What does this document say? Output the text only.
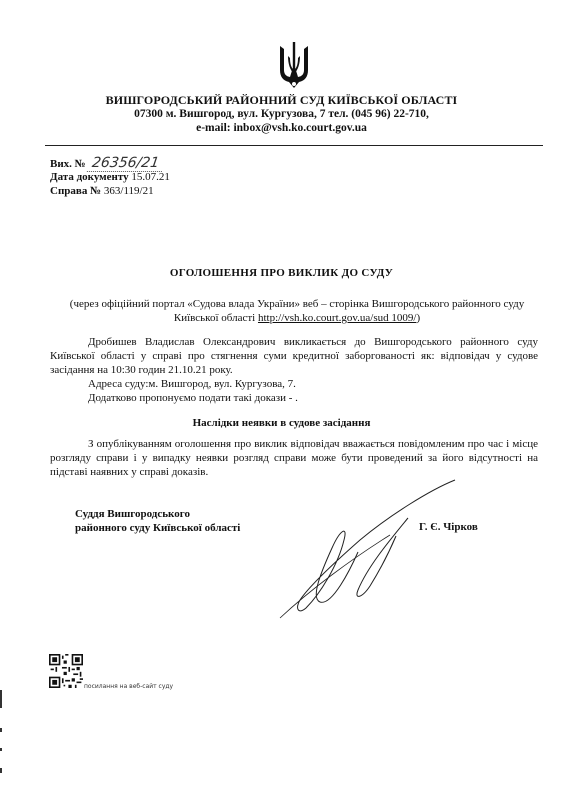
ВИШГОРОДСЬКИЙ РАЙОННИЙ СУД КИЇВСЬКОЇ ОБЛАСТІ
07300 м. Вишгород, вул. Кургузова, 7 тел. (045 96) 22-710,
e-mail: inbox@vsh.ko.court.gov.ua
Вих. № 26356/21
Дата документу 15.07.21
Справа № 363/119/21
ОГОЛОШЕННЯ ПРО ВИКЛИК ДО СУДУ
(через офіційний портал «Судова влада України» веб – сторінка Вишгородського районного суду Київської області http://vsh.ko.court.gov.ua/sud 1009/)
Дробишев Владислав Олександрович викликається до Вишгородського районного суду Київської області у справі про стягнення суми кредитної заборгованості як: відповідач у судове засідання на 10:30 годин 21.10.21 року.
Адреса суду:м. Вишгород, вул. Кургузова, 7.
Додатково пропонуємо подати такі докази - .
Наслідки неявки в судове засідання
З опублікуванням оголошення про виклик відповідач вважається повідомленим про час і місце розгляду справи і у випадку неявки розгляд справи може бути проведений за його відсутності на підставі наявних у справі доказів.
Суддя Вишгородського
районного суду Київської області	Г. Є. Чірков
посилання на веб-сайт суду
